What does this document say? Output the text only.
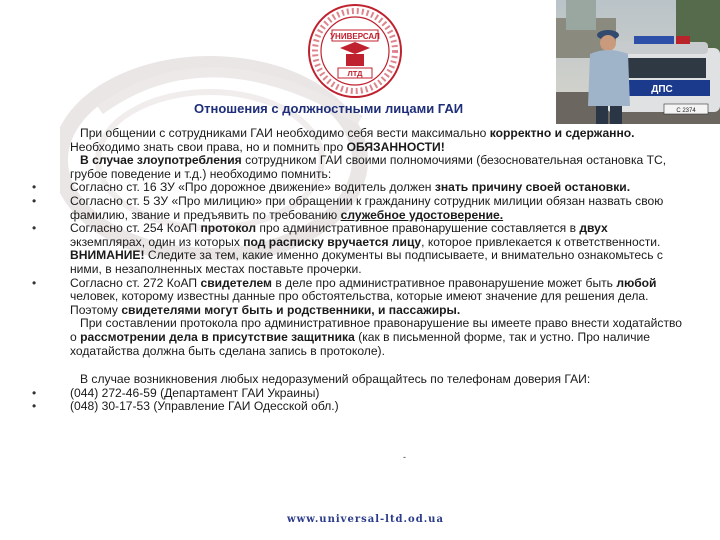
УНИВЕРСАЛ
ЛТД
ДПС
С 2374
Отношения с должностными лицами ГАИ

При общении с сотрудниками ГАИ необходимо себя вести максимально корректно и сдержанно. Необходимо знать свои права, но и помнить про ОБЯЗАННОСТИ!

В случае злоупотребления сотрудником ГАИ своими полномочиями (безосновательная остановка ТС, грубое поведение и т.д.) необходимо помнить:

• Согласно ст. 16 ЗУ «Про дорожное движение» водитель должен знать причину своей остановки.

• Согласно ст. 5 ЗУ «Про милицию» при обращении к гражданину сотрудник милиции обязан назвать свою фамилию, звание и предъявить по требованию служебное удостоверение.

• Согласно ст. 254 КоАП протокол про административное правонарушение составляется в двух экземплярах, один из которых под расписку вручается лицу, которое привлекается к ответственности. ВНИМАНИЕ! Следите за тем, какие именно документы вы подписываете, и внимательно ознакомьтесь с ними, в незаполненных местах поставьте прочерки.

• Согласно ст. 272 КоАП свидетелем в деле про административное правонарушение может быть любой человек, которому известны данные про обстоятельства, которые имеют значение для решения дела. Поэтому свидетелями могут быть и родственники, и пассажиры.

При составлении протокола про административное правонарушение вы имеете право внести ходатайство о рассмотрении дела в присутствие защитника (как в письменной форме, так и устно. Про наличие ходатайства должна быть сделана запись в протоколе).

В случае возникновения любых недоразумений обращайтесь по телефонам доверия ГАИ:

• (044) 272-46-59 (Департамент ГАИ Украины)

• (048) 30-17-53 (Управление ГАИ Одесской обл.)

-
www.universal-ltd.od.ua
